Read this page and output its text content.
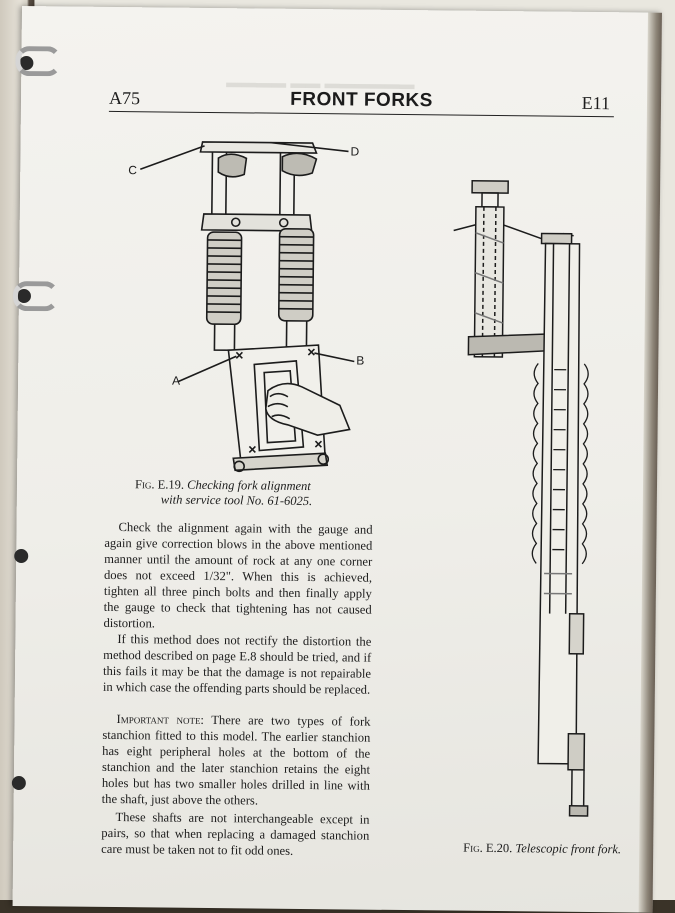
▬▬▬▬ ▬▬ ▬▬▬▬▬▬
A75	FRONT FORKS	E11
C
D
A
B
Fig. E.19. Checking fork alignment
with service tool No. 61-6025.
Fig. E.20. Telescopic front fork.

Check the alignment again with the gauge and again give correction blows in the above mentioned manner until the amount of rock at any one corner does not exceed 1/32". When this is achieved, tighten all three pinch bolts and then finally apply the gauge to check that tightening has not caused distortion.

If this method does not rectify the distortion the method described on page E.8 should be tried, and if this fails it may be that the damage is not repairable in which case the offending parts should be replaced.

Important note: There are two types of fork stanchion fitted to this model. The earlier stanchion has eight peripheral holes at the bottom of the stanchion and the later stanchion retains the eight holes but has two smaller holes drilled in line with the shaft, just above the others.

These shafts are not interchangeable except in pairs, so that when replacing a damaged stanchion care must be taken not to fit odd ones.
